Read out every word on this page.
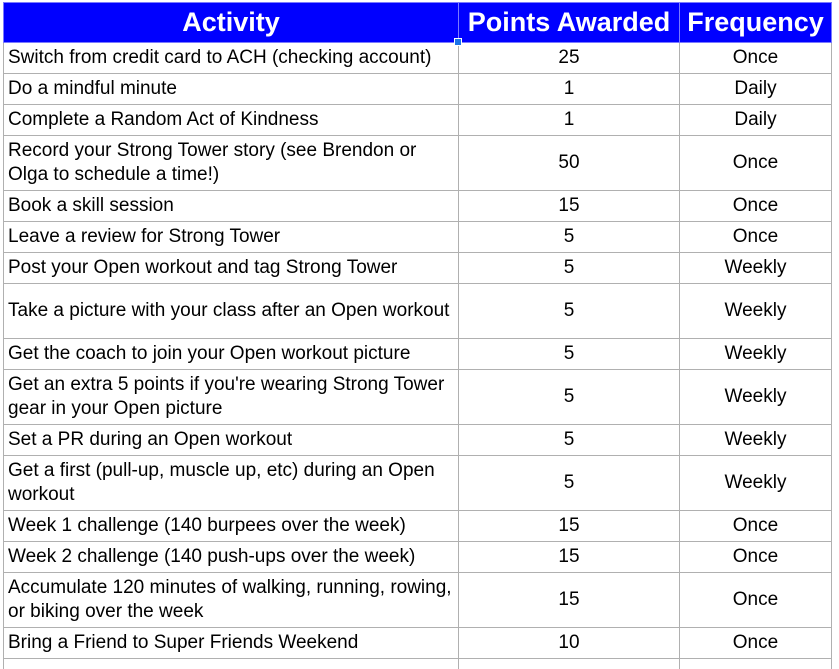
Activity	Points Awarded	Frequency
Switch from credit card to ACH (checking account)	25	Once
Do a mindful minute	1	Daily
Complete a Random Act of Kindness	1	Daily
Record your Strong Tower story (see Brendon or Olga to schedule a time!)	50	Once
Book a skill session	15	Once
Leave a review for Strong Tower	5	Once
Post your Open workout and tag Strong Tower	5	Weekly
Take a picture with your class after an Open workout	5	Weekly
Get the coach to join your Open workout picture	5	Weekly
Get an extra 5 points if you're wearing Strong Tower gear in your Open picture	5	Weekly
Set a PR during an Open workout	5	Weekly
Get a first (pull-up, muscle up, etc) during an Open workout	5	Weekly
Week 1 challenge (140 burpees over the week)	15	Once
Week 2 challenge (140 push-ups over the week)	15	Once
Accumulate 120 minutes of walking, running, rowing, or biking over the week	15	Once
Bring a Friend to Super Friends Weekend	10	Once
